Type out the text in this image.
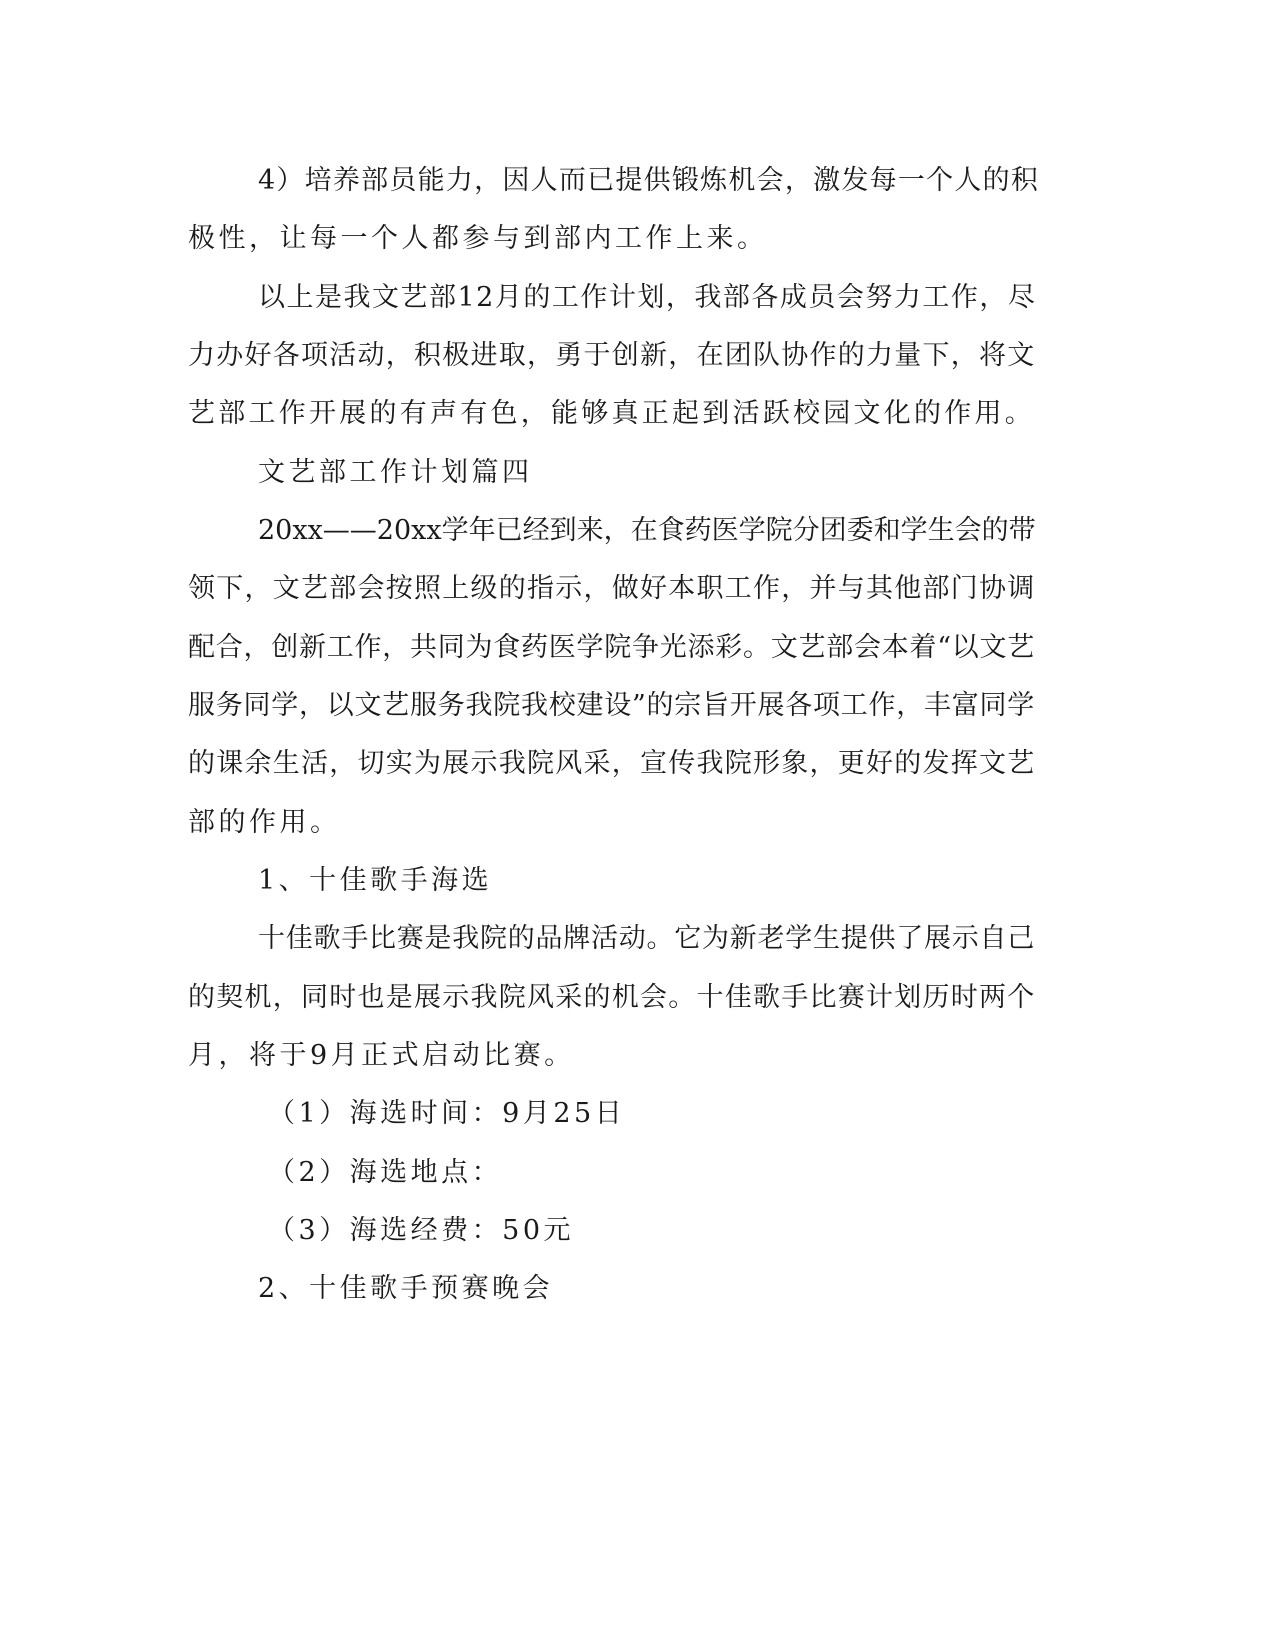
4）培养部员能力，因人而已提供锻炼机会，激发每一个人的积
极性，让每一个人都参与到部内工作上来。
以上是我文艺部12月的工作计划，我部各成员会努力工作，尽
力办好各项活动，积极进取，勇于创新，在团队协作的力量下，将文
艺部工作开展的有声有色，能够真正起到活跃校园文化的作用。
文艺部工作计划篇四
20xx——20xx学年已经到来，在食药医学院分团委和学生会的带
领下，文艺部会按照上级的指示，做好本职工作，并与其他部门协调
配合，创新工作，共同为食药医学院争光添彩。文艺部会本着“以文艺
服务同学，以文艺服务我院我校建设”的宗旨开展各项工作，丰富同学
的课余生活，切实为展示我院风采，宣传我院形象，更好的发挥文艺
部的作用。
1、十佳歌手海选
十佳歌手比赛是我院的品牌活动。它为新老学生提供了展示自己
的契机，同时也是展示我院风采的机会。十佳歌手比赛计划历时两个
月，将于9月正式启动比赛。
（1）海选时间：9月25日
（2）海选地点：
（3）海选经费：50元
2、十佳歌手预赛晚会
